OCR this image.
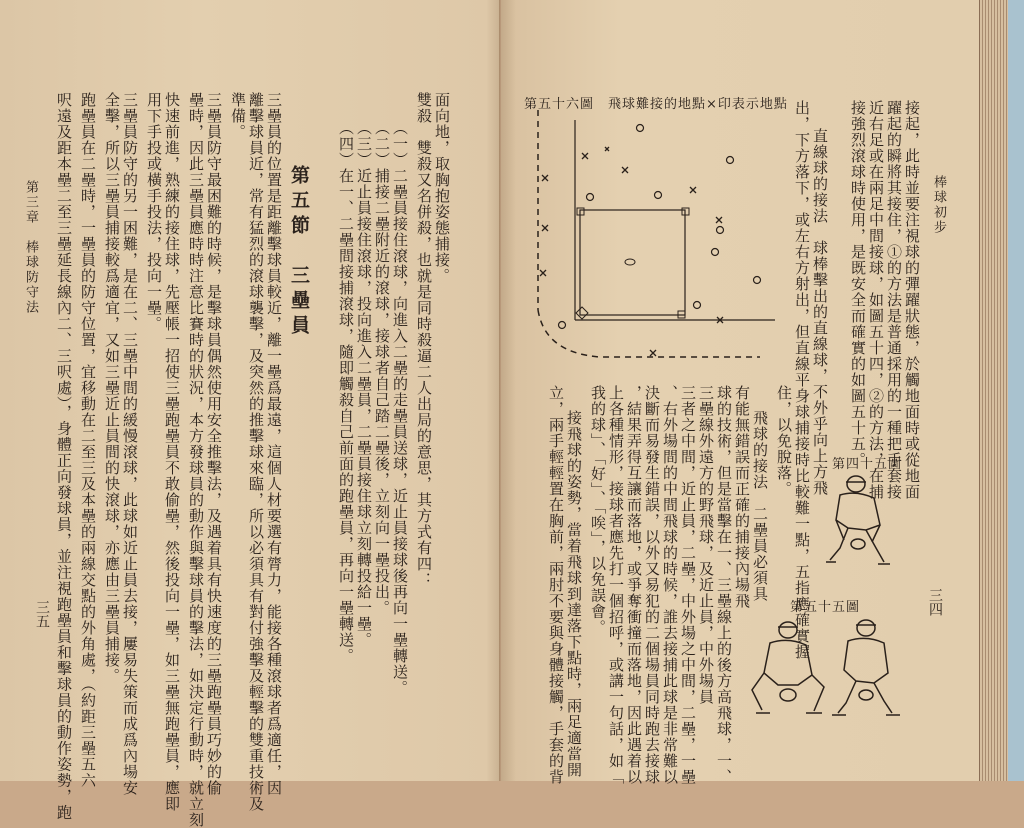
第三章　棒球防守法
三五 呎遠及距本壘二至三壘延長線內二、三呎處），身體正向發球員，並注視跑壘員和擊球員的動作姿勢，跑 跑壘員在二壘時，一壘員的防守位置，宜移動在二至三及本壘的兩線交點的外角處，（約距三壘五六 全擊，所以三壘員捕接較爲適宜，又如三壘近止員間的快滾球，亦應由三壘員捕接。 三壘員防守的另一困難，是在二、三壘中間的緩慢滾球，此球如近止員去接，屢易失策而成爲內場安 用下手投或橫手投法，投向一壘。 快速前進，熟練的接住球，先壓帳一招使三壘跑壘員不敢偷壘，然後投向一壘，如三壘無跑壘員，應即 壘時，因此三壘員應時時注意比賽時的狀況，本方發球員的動作與擊球員的擊法，如決定行動時，就立刻 三壘員防守最困難的時候，是擊球員偶然使用安全推擊法，及遇着具有快速度的三壘跑壘員巧妙的偷 準備。 離擊球員近，常有猛烈的滾球襲擊，及突然的推擊球來臨，所以必須具有對付強擊及輕擊的雙重技術及 三壘員的位置是距離擊球員較近，離一壘爲最遠，這個人材要選有膂力，能接各種滾球者爲適任，因 第五節　三壘員 （四）在一、二壘間接捕滾球，隨即觸殺自己前面的跑壘員，再向一壘轉送。 （三）近止員接住滾球，投向進入二壘員，二壘員接住球立刻轉投給一壘。 （二）捕接二壘附近的滾球，接球者自己踏二壘後，立刻向一壘投出。 （一）二壘員接住滾球，向進入二壘的走壘員送球，近止員接球後再向一壘轉送。 雙殺　雙殺又名併殺，也就是同時殺逼二人出局的意思，其方式有四： 面向地，取胸抱姿態捕接。	棒球初步
三四
接起，此時並要注視球的彈躍狀態，於觸地面時或從地面
躍起的瞬將其接住，①的方法是普通採用的一種把手套接
近右足或在兩足中間接球，如圖五十四，②的方法，在捕
接強烈滾球時使用，是既安全而確實的如圖五十五。
直線球的接法　球棒擊出的直線球，不外乎向上方飛
出，下方落下，或左右方射出，但直線平身球捕接時比較難一點，五指應確實握
住，以免脫落。
飛球的接法　二壘員必須具
有能無錯誤而正確的捕接內場飛
球的技術，但是當擊在一、三壘線上的後方高飛球，一、
三壘線外遠方的野飛球，及近止員，中外場員
三者之中間，近止員，二壘，中外場之中間，二壘，一壘
、右外場間的中間飛球的時候，誰去接捕此球是非常難以
決斷而易發生錯誤，以外又易犯的二個場員同時跑去接球
，結果弄得互讓而落地，或爭奪衝撞而落地，因此遇着以
上各種情形，接球者應先打一個招呼，或講一句話，如「
我的球」、「好」、「唉」，以免誤會。
接飛球的姿勢，當着飛球到達落下點時，兩足適當開
立，兩手輕輕置在胸前，兩肘不要與身體接觸，手套的背
第五十六圖　飛球難接的地點×印表示地點
第四十五圖
第五十五圖
